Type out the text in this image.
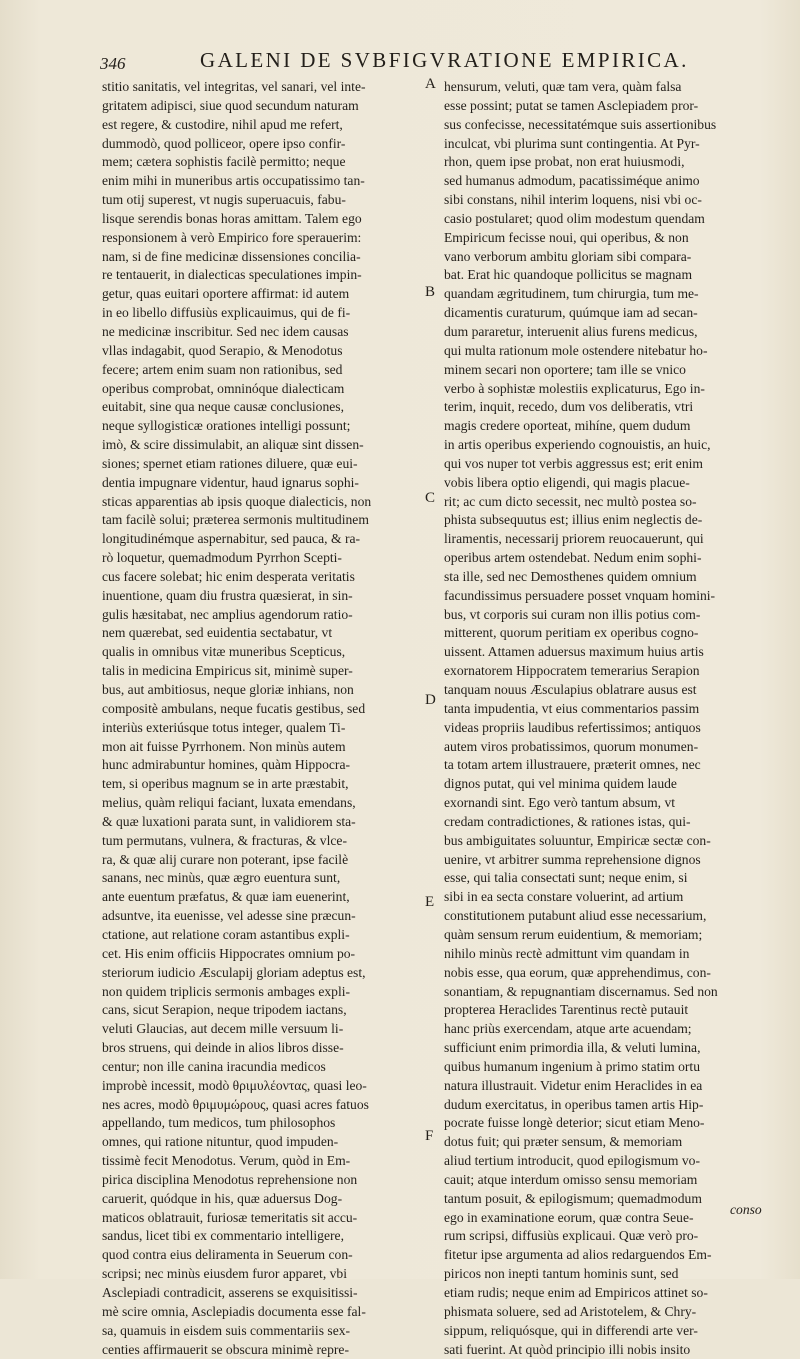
346	GALENI DE SVBFIGVRATIONE EMPIRICA.
stitio sanitatis, vel integritas, vel sanari, vel inte-
gritatem adipisci, siue quod secundum naturam
est regere, & custodire, nihil apud me refert,
dummodò, quod polliceor, opere ipso confir-
mem; cætera sophistis facilè permitto; neque
enim mihi in muneribus artis occupatissimo tan-
tum otij superest, vt nugis superuacuis, fabu-
lisque serendis bonas horas amittam. Talem ego
responsionem à verò Empirico fore sperauerim:
nam, si de fine medicinæ dissensiones concilia-
re tentauerit, in dialecticas speculationes impin-
getur, quas euitari oportere affirmat: id autem
in eo libello diffusiùs explicauimus, qui de fi-
ne medicinæ inscribitur. Sed nec idem causas
vllas indagabit, quod Serapio, & Menodotus
fecere; artem enim suam non rationibus, sed
operibus comprobat, omninóque dialecticam
euitabit, sine qua neque causæ conclusiones,
neque syllogisticæ orationes intelligi possunt;
imò, & scire dissimulabit, an aliquæ sint dissen-
siones; spernet etiam rationes diluere, quæ eui-
dentia impugnare videntur, haud ignarus sophi-
sticas apparentias ab ipsis quoque dialecticis, non
tam facilè solui; præterea sermonis multitudinem
longitudinémque aspernabitur, sed pauca, & ra-
rò loquetur, quemadmodum Pyrrhon Scepti-
cus facere solebat; hic enim desperata veritatis
inuentione, quam diu frustra quæsierat, in sin-
gulis hæsitabat, nec amplius agendorum ratio-
nem quærebat, sed euidentia sectabatur, vt
qualis in omnibus vitæ muneribus Scepticus,
talis in medicina Empiricus sit, minimè super-
bus, aut ambitiosus, neque gloriæ inhians, non
compositè ambulans, neque fucatis gestibus, sed
interiùs exteriúsque totus integer, qualem Ti-
mon ait fuisse Pyrrhonem. Non minùs autem
hunc admirabuntur homines, quàm Hippocra-
tem, si operibus magnum se in arte præstabit,
melius, quàm reliqui faciant, luxata emendans,
& quæ luxationi parata sunt, in validiorem sta-
tum permutans, vulnera, & fracturas, & vlce-
ra, & quæ alij curare non poterant, ipse facilè
sanans, nec minùs, quæ ægro euentura sunt,
ante euentum præfatus, & quæ iam euenerint,
adsuntve, ita euenisse, vel adesse sine præcun-
ctatione, aut relatione coram astantibus expli-
cet. His enim officiis Hippocrates omnium po-
steriorum iudicio Æsculapij gloriam adeptus est,
non quidem triplicis sermonis ambages expli-
cans, sicut Serapion, neque tripodem iactans,
veluti Glaucias, aut decem mille versuum li-
bros struens, qui deinde in alios libros disse-
centur; non ille canina iracundia medicos
improbè incessit, modò θριμυλέοντας, quasi leo-
nes acres, modò θριμυμώρους, quasi acres fatuos
appellando, tum medicos, tum philosophos
omnes, qui ratione nituntur, quod impuden-
tissimè fecit Menodotus. Verum, quòd in Em-
pirica disciplina Menodotus reprehensione non
caruerit, quódque in his, quæ aduersus Dog-
maticos oblatrauit, furiosæ temeritatis sit accu-
sandus, licet tibi ex commentario intelligere,
quod contra eius deliramenta in Seuerum con-
scripsi; nec minùs eiusdem furor apparet, vbi
Asclepiadi contradicit, asserens se exquisitissi-
mè scire omnia, Asclepiadis documenta esse fal-
sa, quamuis in eisdem suis commentariis sex-
centies affirmauerit se obscura minimè repre-
hensurum, veluti, quæ tam vera, quàm falsa
esse possint; putat se tamen Asclepiadem pror-
sus confecisse, necessitatémque suis assertionibus
inculcat, vbi plurima sunt contingentia. At Pyr-
rhon, quem ipse probat, non erat huiusmodi,
sed humanus admodum, pacatissiméque animo
sibi constans, nihil interim loquens, nisi vbi oc-
casio postularet; quod olim modestum quendam
Empiricum fecisse noui, qui operibus, & non
vano verborum ambitu gloriam sibi compara-
bat. Erat hic quandoque pollicitus se magnam
quandam ægritudinem, tum chirurgia, tum me-
dicamentis curaturum, quúmque iam ad secan-
dum pararetur, interuenit alius furens medicus,
qui multa rationum mole ostendere nitebatur ho-
minem secari non oportere; tam ille se vnico
verbo à sophistæ molestiis explicaturus, Ego in-
terim, inquit, recedo, dum vos deliberatis, vtri
magis credere oporteat, mihíne, quem dudum
in artis operibus experiendo cognouistis, an huic,
qui vos nuper tot verbis aggressus est; erit enim
vobis libera optio eligendi, qui magis placue-
rit; ac cum dicto secessit, nec multò postea so-
phista subsequutus est; illius enim neglectis de-
liramentis, necessarij priorem reuocauerunt, qui
operibus artem ostendebat. Nedum enim sophi-
sta ille, sed nec Demosthenes quidem omnium
facundissimus persuadere posset vnquam homini-
bus, vt corporis sui curam non illis potius com-
mitterent, quorum peritiam ex operibus cogno-
uissent. Attamen aduersus maximum huius artis
exornatorem Hippocratem temerarius Serapion
tanquam nouus Æsculapius oblatrare ausus est
tanta impudentia, vt eius commentarios passim
videas propriis laudibus refertissimos; antiquos
autem viros probatissimos, quorum monumen-
ta totam artem illustrauere, præterit omnes, nec
dignos putat, qui vel minima quidem laude
exornandi sint. Ego verò tantum absum, vt
credam contradictiones, & rationes istas, qui-
bus ambiguitates soluuntur, Empiricæ sectæ con-
uenire, vt arbitrer summa reprehensione dignos
esse, qui talia consectati sunt; neque enim, si
sibi in ea secta constare voluerint, ad artium
constitutionem putabunt aliud esse necessarium,
quàm sensum rerum euidentium, & memoriam;
nihilo minùs rectè admittunt vim quandam in
nobis esse, qua eorum, quæ apprehendimus, con-
sonantiam, & repugnantiam discernamus. Sed non
propterea Heraclides Tarentinus rectè putauit
hanc priùs exercendam, atque arte acuendam;
sufficiunt enim primordia illa, & veluti lumina,
quibus humanum ingenium à primo statim ortu
natura illustrauit. Videtur enim Heraclides in ea
dudum exercitatus, in operibus tamen artis Hip-
pocrate fuisse longè deterior; sicut etiam Meno-
dotus fuit; qui præter sensum, & memoriam
aliud tertium introducit, quod epilogismum vo-
cauit; atque interdum omisso sensu memoriam
tantum posuit, & epilogismum; quemadmodum
ego in examinatione eorum, quæ contra Seue-
rum scripsi, diffusiùs explicaui. Quæ verò pro-
fitetur ipse argumenta ad alios redarguendos Em-
piricos non inepti tantum hominis sunt, sed
etiam rudis; neque enim ad Empiricos attinet so-
phismata soluere, sed ad Aristotelem, & Chry-
sippum, reliquósque, qui in differendi arte ver-
sati fuerint. At quòd principio illi nobis insito
A
B
C
D
E
F
conso
